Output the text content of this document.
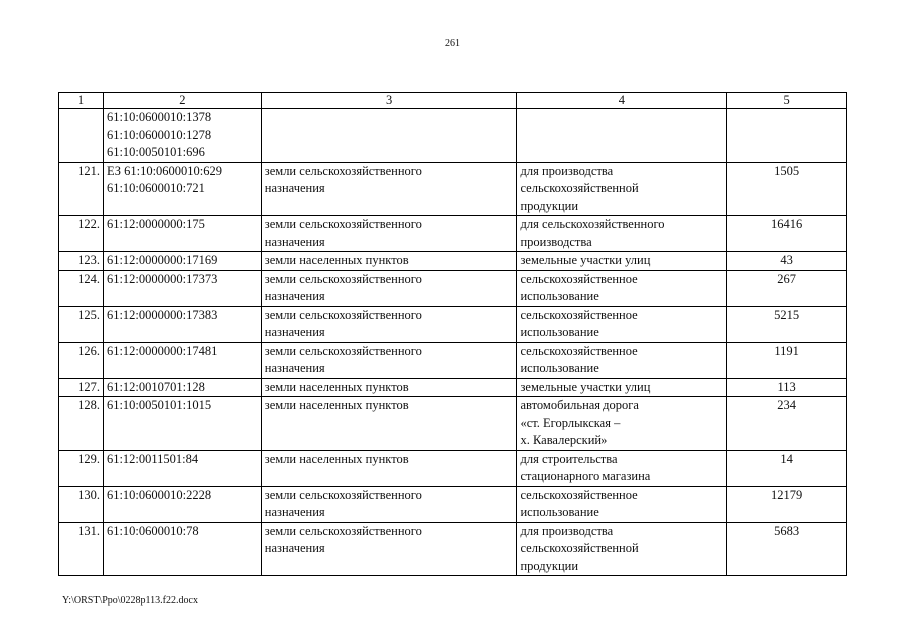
261
1	2	3	4	5

	61:10:0600010:1378
61:10:0600010:1278
61:10:0050101:696			

121.	ЕЗ 61:10:0600010:629
61:10:0600010:721	земли сельскохозяйственного
назначения	для производства
сельскохозяйственной
продукции	1505
122.	61:12:0000000:175	земли сельскохозяйственного
назначения	для сельскохозяйственного
производства	16416
123.	61:12:0000000:17169	земли населенных пунктов	земельные участки улиц	43
124.	61:12:0000000:17373	земли сельскохозяйственного
назначения	сельскохозяйственное
использование	267
125.	61:12:0000000:17383	земли сельскохозяйственного
назначения	сельскохозяйственное
использование	5215
126.	61:12:0000000:17481	земли сельскохозяйственного
назначения	сельскохозяйственное
использование	1191
127.	61:12:0010701:128	земли населенных пунктов	земельные участки улиц	113
128.	61:10:0050101:1015	земли населенных пунктов	автомобильная дорога
«ст. Егорлыкская –
х. Кавалерский»	234
129.	61:12:0011501:84	земли населенных пунктов	для строительства
стационарного магазина	14
130.	61:10:0600010:2228	земли сельскохозяйственного
назначения	сельскохозяйственное
использование	12179
131.	61:10:0600010:78	земли сельскохозяйственного
назначения	для производства
сельскохозяйственной
продукции	5683
Y:\ORST\Ppo\0228p113.f22.docx
